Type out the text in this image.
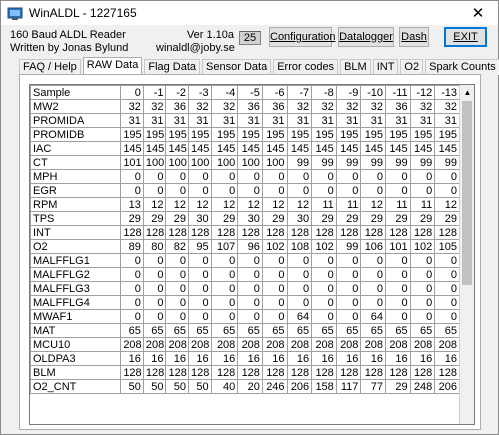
WinALDL - 1227165	✕
160 Baud ALDL Reader
Written by Jonas Bylund
Ver 1.10a
winaldl@joby.se
25	Configuration Datalogger Dash	EXIT
FAQ / Help RAW Data Flag Data Sensor Data Error codes BLM INT O2 Spark Counts
Sample	0	-1	-2	-3	-4	-5	-6	-7	-8	-9	-10	-11	-12	-13
MW2	32	32	36	32	32	36	36	32	32	32	32	36	32	32
PROMIDA	31	31	31	31	31	31	31	31	31	31	31	31	31	31
PROMIDB	195	195	195	195	195	195	195	195	195	195	195	195	195	195
IAC	145	145	145	145	145	145	145	145	145	145	145	145	145	145
CT	101	100	100	100	100	100	100	99	99	99	99	99	99	99
MPH	0	0	0	0	0	0	0	0	0	0	0	0	0	0
EGR	0	0	0	0	0	0	0	0	0	0	0	0	0	0
RPM	13	12	12	12	12	12	12	12	11	11	12	11	11	12
TPS	29	29	29	30	29	30	29	30	29	29	29	29	29	29
INT	128	128	128	128	128	128	128	128	128	128	128	128	128	128
O2	89	80	82	95	107	96	102	108	102	99	106	101	102	105
MALFFLG1	0	0	0	0	0	0	0	0	0	0	0	0	0	0
MALFFLG2	0	0	0	0	0	0	0	0	0	0	0	0	0	0
MALFFLG3	0	0	0	0	0	0	0	0	0	0	0	0	0	0
MALFFLG4	0	0	0	0	0	0	0	0	0	0	0	0	0	0
MWAF1	0	0	0	0	0	0	0	64	0	0	64	0	0	0
MAT	65	65	65	65	65	65	65	65	65	65	65	65	65	65
MCU10	208	208	208	208	208	208	208	208	208	208	208	208	208	208
OLDPA3	16	16	16	16	16	16	16	16	16	16	16	16	16	16
BLM	128	128	128	128	128	128	128	128	128	128	128	128	128	128
O2_CNT	50	50	50	50	40	20	246	206	158	117	77	29	248	206
▲
